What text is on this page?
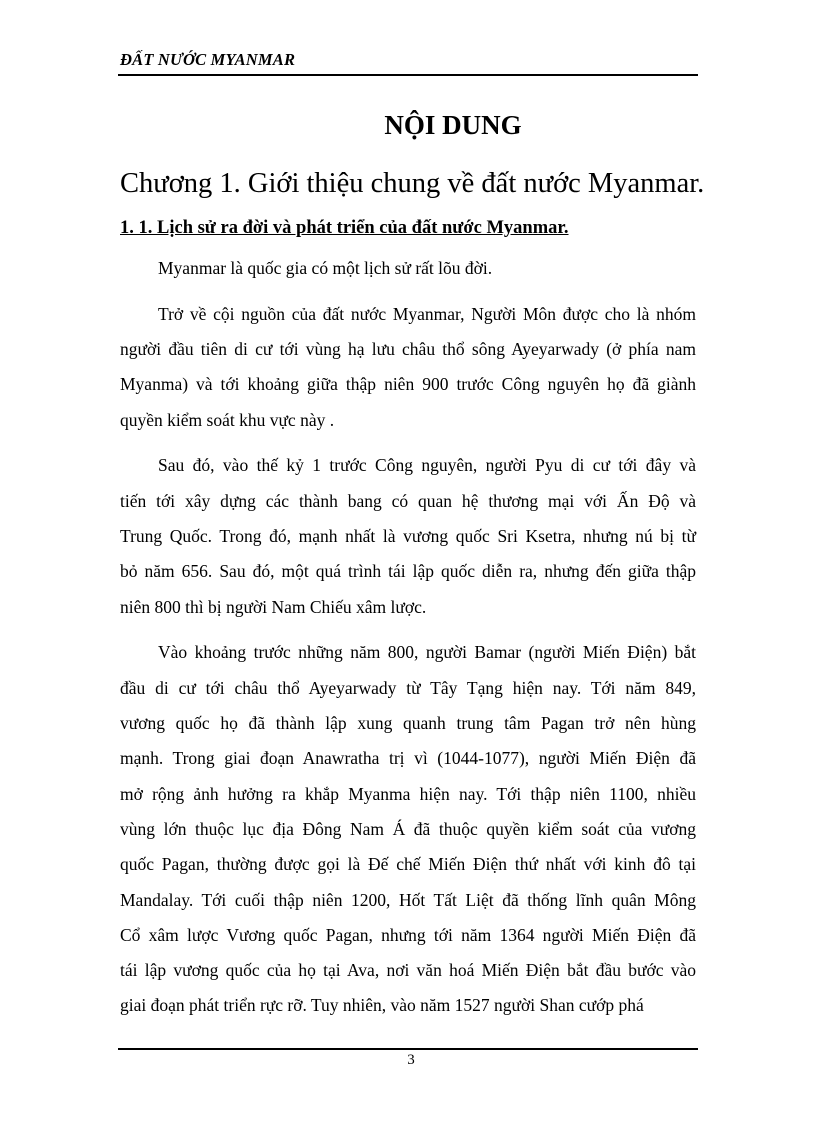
ĐẤT NƯỚC MYANMAR
NỘI DUNG
Chương 1. Giới thiệu chung về đất nước Myanmar.
1. 1. Lịch sử ra đời và phát triển của đất nước Myanmar.

Myanmar là quốc gia có một lịch sử rất lõu đời.

Trở về cội nguồn của đất nước Myanmar, Người Môn được cho là nhóm
người đầu tiên di cư tới vùng hạ lưu châu thổ sông Ayeyarwady (ở phía nam
Myanma) và tới khoảng giữa thập niên 900 trước Công nguyên họ đã giành
quyền kiểm soát khu vực này .

Sau đó, vào thế kỷ 1 trước Công nguyên, người Pyu di cư tới đây và
tiến tới xây dựng các thành bang có quan hệ thương mại với Ấn Độ và
Trung Quốc. Trong đó, mạnh nhất là vương quốc Sri Ksetra, nhưng nú bị từ
bỏ năm 656. Sau đó, một quá trình tái lập quốc diễn ra, nhưng đến giữa thập
niên 800 thì bị người Nam Chiếu xâm lược.

Vào khoảng trước những năm 800, người Bamar (người Miến Điện) bắt
đầu di cư tới châu thổ Ayeyarwady từ Tây Tạng hiện nay. Tới năm 849,
vương quốc họ đã thành lập xung quanh trung tâm Pagan trở nên hùng
mạnh. Trong giai đoạn Anawratha trị vì (1044-1077), người Miến Điện đã
mở rộng ảnh hưởng ra khắp Myanma hiện nay. Tới thập niên 1100, nhiều
vùng lớn thuộc lục địa Đông Nam Á đã thuộc quyền kiểm soát của vương
quốc Pagan, thường được gọi là Đế chế Miến Điện thứ nhất với kinh đô tại
Mandalay. Tới cuối thập niên 1200, Hốt Tất Liệt đã thống lĩnh quân Mông
Cổ xâm lược Vương quốc Pagan, nhưng tới năm 1364 người Miến Điện đã
tái lập vương quốc của họ tại Ava, nơi văn hoá Miến Điện bắt đầu bước vào
giai đoạn phát triển rực rỡ. Tuy nhiên, vào năm 1527 người Shan cướp phá

3
